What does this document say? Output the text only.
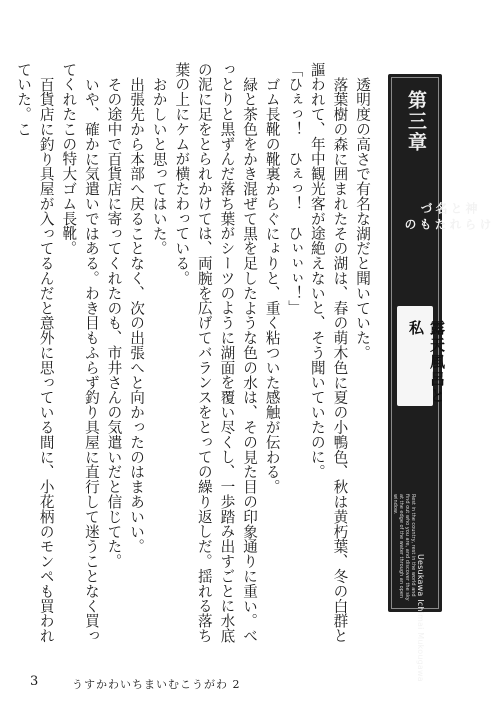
透明度の高さで有名な湖だと聞いていた。

落葉樹の森に囲まれたその湖は、春の萌木色に夏の小鴨色、秋は黄朽葉、冬の白群と謳われて、年中観光客が途絶えないと、そう聞いていたのに。

「ひぇっ！　ひぇっ！　ひぃぃぃ！」

ゴム長靴の靴裏からぐにょりと、重く粘ついた感触が伝わる。

緑と茶色をかき混ぜて黒を足したような色の水は、その見た目の印象通りに重い。べっとりと黒ずんだ落ち葉がシーツのように湖面を覆い尽くし、一歩踏み出すごとに水底の泥に足をとられかけては、両腕を広げてバランスをとっての繰り返しだ。揺れる落ち葉の上にケムが横たわっている。

おかしいと思ってはいた。

出張先から本部へ戻ることなく、次の出張へと向かったのはまあいい。

その途中で百貨店に寄ってくれたのも、市井さんの気遣いだと信じてた。

いや、確かに気遣いではある。わき目もふらず釣り具屋に直行して迷うことなく買ってくれたこの特大ゴム長靴。

百貨店に釣り具屋が入ってるんだと意外に思っている間に、小花柄のモンペも買われていた。こ	第三章
神と名づ
けられたもの
露天風呂と私
Rest in the country, rest in the world and find out who you are, and discover the sky at the edge of the water through an open window.
Uesukawa Ichimai Mukougawa
3	うすかわいちまいむこうがわ 2
